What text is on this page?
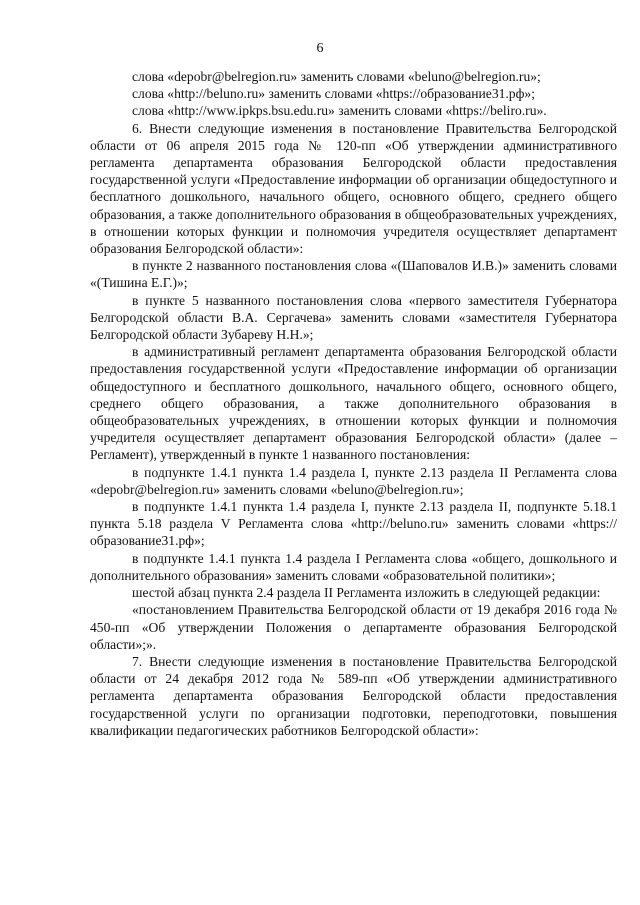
6

слова «depobr@belregion.ru» заменить словами «beluno@belregion.ru»;

слова «http://beluno.ru» заменить словами «https://образование31.рф»;

слова «http://www.ipkps.bsu.edu.ru» заменить словами «https://beliro.ru».

6. Внести следующие изменения в постановление Правительства Белгородской области от 06 апреля 2015 года № 120-пп «Об утверждении административного регламента департамента образования Белгородской области предоставления государственной услуги «Предоставление информации об организации общедоступного и бесплатного дошкольного, начального общего, основного общего, среднего общего образования, а также дополнительного образования в общеобразовательных учреждениях, в отношении которых функции и полномочия учредителя осуществляет департамент образования Белгородской области»:

в пункте 2 названного постановления слова «(Шаповалов И.В.)» заменить словами «(Тишина Е.Г.)»;

в пункте 5 названного постановления слова «первого заместителя Губернатора Белгородской области В.А. Сергачева» заменить словами «заместителя Губернатора Белгородской области Зубареву Н.Н.»;

в административный регламент департамента образования Белгородской области предоставления государственной услуги «Предоставление информации об организации общедоступного и бесплатного дошкольного, начального общего, основного общего, среднего общего образования, а также дополнительного образования в общеобразовательных учреждениях, в отношении которых функции и полномочия учредителя осуществляет департамент образования Белгородской области» (далее – Регламент), утвержденный в пункте 1 названного постановления:

в подпункте 1.4.1 пункта 1.4 раздела I, пункте 2.13 раздела II Регламента слова «depobr@belregion.ru» заменить словами «beluno@belregion.ru»;

в подпункте 1.4.1 пункта 1.4 раздела I, пункте 2.13 раздела II, подпункте 5.18.1 пункта 5.18 раздела V Регламента слова «http://beluno.ru» заменить словами «https://образование31.рф»;

в подпункте 1.4.1 пункта 1.4 раздела I Регламента слова «общего, дошкольного и дополнительного образования» заменить словами «образовательной политики»;

шестой абзац пункта 2.4 раздела II Регламента изложить в следующей редакции:

«постановлением Правительства Белгородской области от 19 декабря 2016 года № 450-пп «Об утверждении Положения о департаменте образования Белгородской области»;».

7. Внести следующие изменения в постановление Правительства Белгородской области от 24 декабря 2012 года № 589-пп «Об утверждении административного регламента департамента образования Белгородской области предоставления государственной услуги по организации подготовки, переподготовки, повышения квалификации педагогических работников Белгородской области»:
